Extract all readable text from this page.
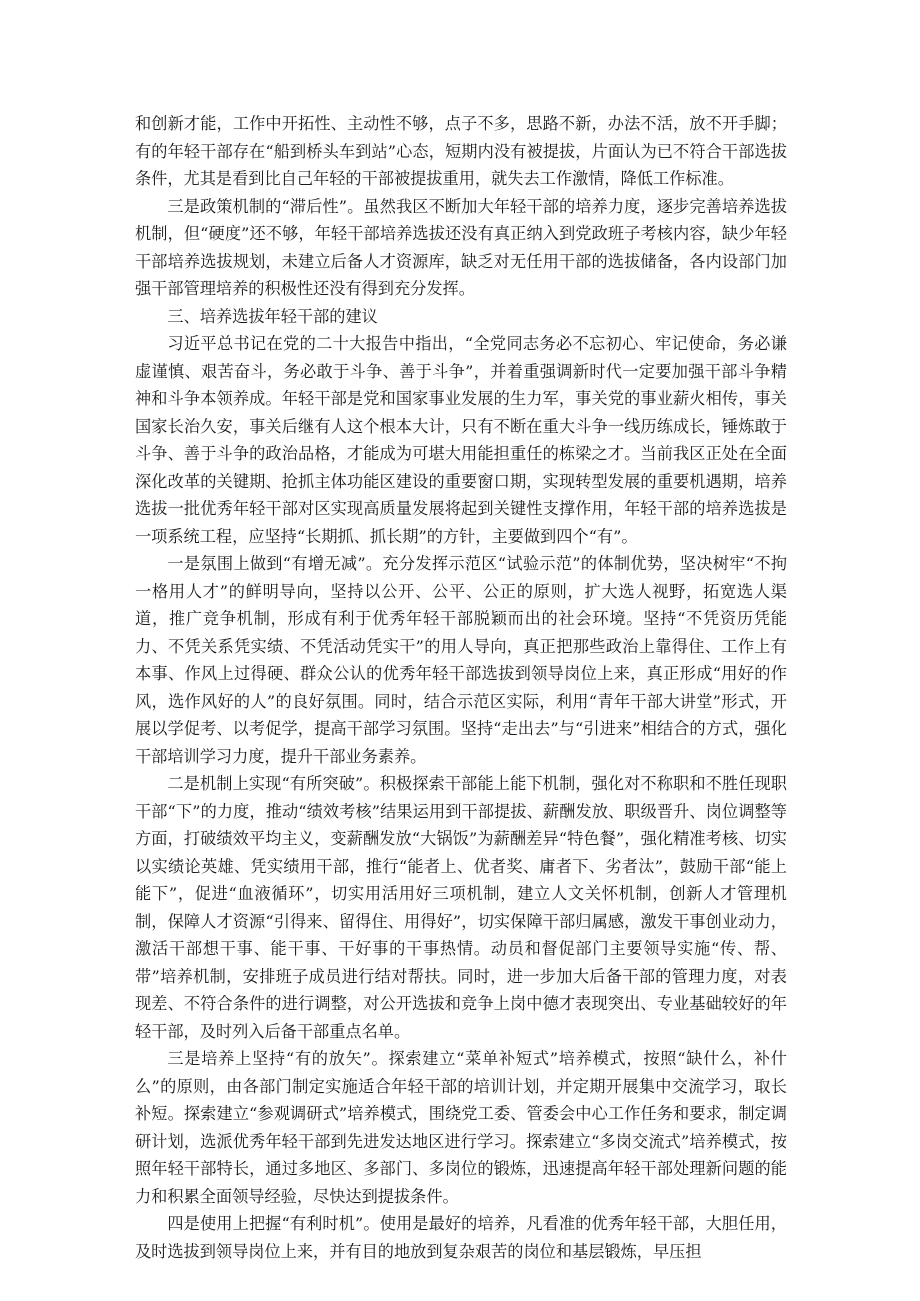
和创新才能，工作中开拓性、主动性不够，点子不多，思路不新，办法不活，放不开手脚；有的年轻干部存在“船到桥头车到站”心态，短期内没有被提拔，片面认为已不符合干部选拔条件，尤其是看到比自己年轻的干部被提拔重用，就失去工作激情，降低工作标准。

三是政策机制的“滞后性”。虽然我区不断加大年轻干部的培养力度，逐步完善培养选拔机制，但“硬度”还不够，年轻干部培养选拔还没有真正纳入到党政班子考核内容，缺少年轻干部培养选拔规划，未建立后备人才资源库，缺乏对无任用干部的选拔储备，各内设部门加强干部管理培养的积极性还没有得到充分发挥。

三、培养选拔年轻干部的建议

习近平总书记在党的二十大报告中指出，“全党同志务必不忘初心、牢记使命，务必谦虚谨慎、艰苦奋斗，务必敢于斗争、善于斗争”，并着重强调新时代一定要加强干部斗争精神和斗争本领养成。年轻干部是党和国家事业发展的生力军，事关党的事业薪火相传，事关国家长治久安，事关后继有人这个根本大计，只有不断在重大斗争一线历练成长，锤炼敢于斗争、善于斗争的政治品格，才能成为可堪大用能担重任的栋梁之才。当前我区正处在全面深化改革的关键期、抢抓主体功能区建设的重要窗口期，实现转型发展的重要机遇期，培养选拔一批优秀年轻干部对区实现高质量发展将起到关键性支撑作用，年轻干部的培养选拔是一项系统工程，应坚持“长期抓、抓长期”的方针，主要做到四个“有”。

一是氛围上做到“有增无减”。充分发挥示范区“试验示范”的体制优势，坚决树牢“不拘一格用人才”的鲜明导向，坚持以公开、公平、公正的原则，扩大选人视野，拓宽选人渠道，推广竞争机制，形成有利于优秀年轻干部脱颖而出的社会环境。坚持“不凭资历凭能力、不凭关系凭实绩、不凭活动凭实干”的用人导向，真正把那些政治上靠得住、工作上有本事、作风上过得硬、群众公认的优秀年轻干部选拔到领导岗位上来，真正形成“用好的作风，选作风好的人”的良好氛围。同时，结合示范区实际，利用“青年干部大讲堂”形式，开展以学促考、以考促学，提高干部学习氛围。坚持“走出去”与“引进来”相结合的方式，强化干部培训学习力度，提升干部业务素养。

二是机制上实现“有所突破”。积极探索干部能上能下机制，强化对不称职和不胜任现职干部“下”的力度，推动“绩效考核”结果运用到干部提拔、薪酬发放、职级晋升、岗位调整等方面，打破绩效平均主义，变薪酬发放“大锅饭”为薪酬差异“特色餐”，强化精准考核、切实以实绩论英雄、凭实绩用干部，推行“能者上、优者奖、庸者下、劣者汰”，鼓励干部“能上能下”，促进“血液循环”，切实用活用好三项机制，建立人文关怀机制，创新人才管理机制，保障人才资源“引得来、留得住、用得好”，切实保障干部归属感，激发干事创业动力，激活干部想干事、能干事、干好事的干事热情。动员和督促部门主要领导实施“传、帮、带”培养机制，安排班子成员进行结对帮扶。同时，进一步加大后备干部的管理力度，对表现差、不符合条件的进行调整，对公开选拔和竞争上岗中德才表现突出、专业基础较好的年轻干部，及时列入后备干部重点名单。

三是培养上坚持“有的放矢”。探索建立“菜单补短式”培养模式，按照“缺什么，补什么”的原则，由各部门制定实施适合年轻干部的培训计划，并定期开展集中交流学习，取长补短。探索建立“参观调研式”培养模式，围绕党工委、管委会中心工作任务和要求，制定调研计划，选派优秀年轻干部到先进发达地区进行学习。探索建立“多岗交流式”培养模式，按照年轻干部特长，通过多地区、多部门、多岗位的锻炼，迅速提高年轻干部处理新问题的能力和积累全面领导经验，尽快达到提拔条件。

四是使用上把握“有利时机”。使用是最好的培养，凡看准的优秀年轻干部，大胆任用，及时选拔到领导岗位上来，并有目的地放到复杂艰苦的岗位和基层锻炼，早压担
